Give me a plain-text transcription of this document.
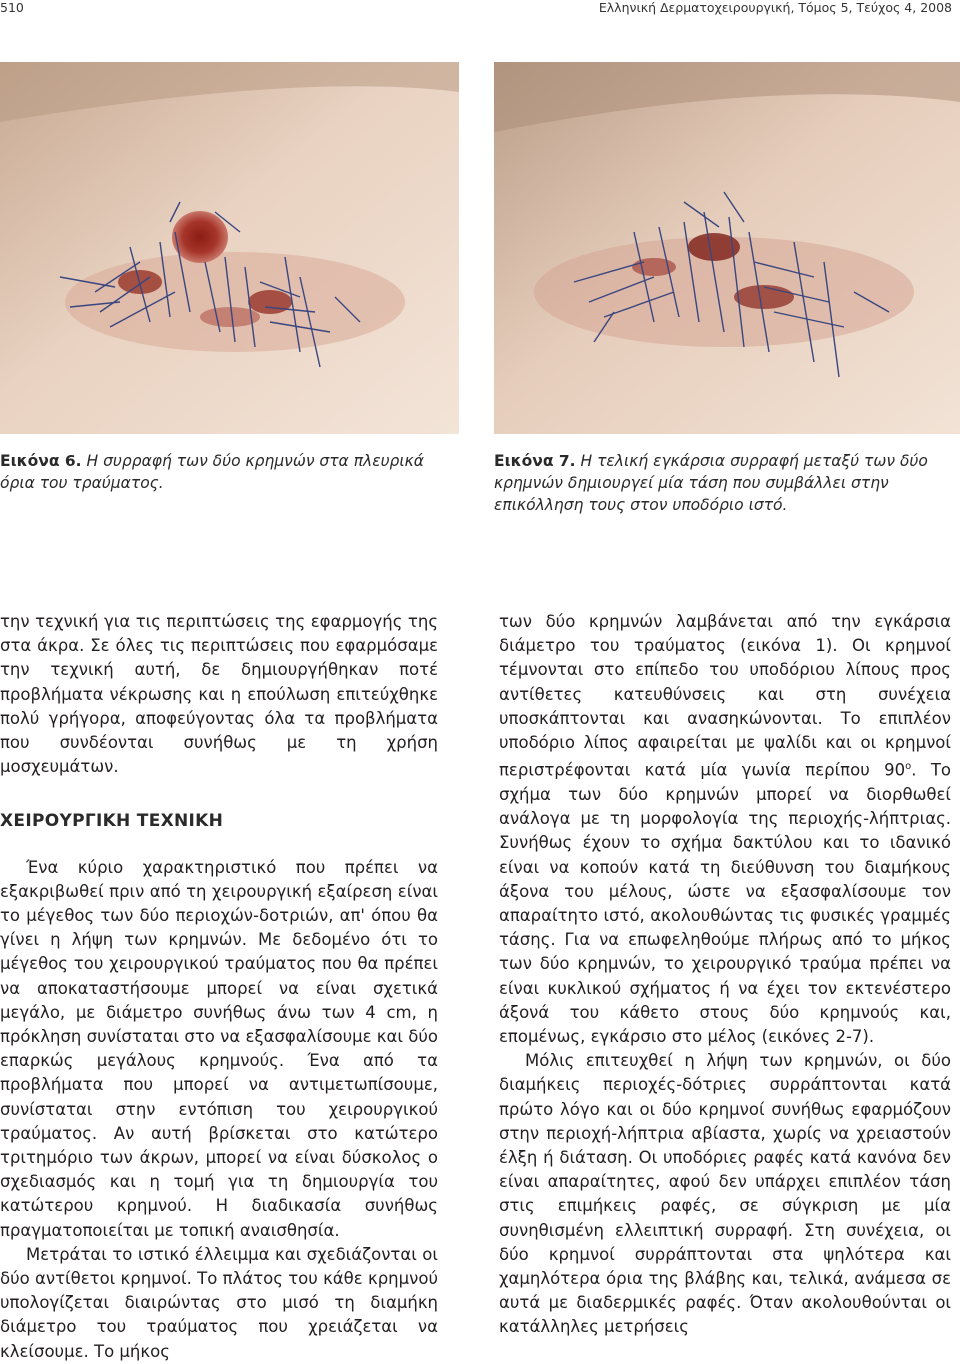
510	Ελληνική Δερματοχειρουργική, Τόμος 5, Τεύχος 4, 2008
Εικόνα 6. Η συρραφή των δύο κρημνών στα πλευρικά όρια του τραύματος.
Εικόνα 7. Η τελική εγκάρσια συρραφή μεταξύ των δύο κρημνών δημιουργεί μία τάση που συμβάλλει στην επικόλληση τους στον υποδόριο ιστό.

την τεχνική για τις περιπτώσεις της εφαρμογής της στα άκρα. Σε όλες τις περιπτώσεις που εφαρμόσαμε την τεχνική αυτή, δε δημιουργήθηκαν ποτέ προβλήματα νέκρωσης και η επούλωση επιτεύχθηκε πολύ γρήγορα, αποφεύγοντας όλα τα προβλήματα που συνδέονται συνήθως με τη χρήση μοσχευμάτων.

ΧΕΙΡΟΥΡΓΙΚΗ ΤΕΧΝΙΚΗ

Ένα κύριο χαρακτηριστικό που πρέπει να εξακριβωθεί πριν από τη χειρουργική εξαίρεση είναι το μέγεθος των δύο περιοχών-δοτριών, απ' όπου θα γίνει η λήψη των κρημνών. Με δεδομένο ότι το μέγεθος του χειρουργικού τραύματος που θα πρέπει να αποκαταστήσουμε μπορεί να είναι σχετικά μεγάλο, με διάμετρο συνήθως άνω των 4 cm, η πρόκληση συνίσταται στο να εξασφαλίσουμε και δύο επαρκώς μεγάλους κρημνούς. Ένα από τα προβλήματα που μπορεί να αντιμετωπίσουμε, συνίσταται στην εντόπιση του χειρουργικού τραύματος. Αν αυτή βρίσκεται στο κατώτερο τριτημόριο των άκρων, μπορεί να είναι δύσκολος ο σχεδιασμός και η τομή για τη δημιουργία του κατώτερου κρημνού. Η διαδικασία συνήθως πραγματοποιείται με τοπική αναισθησία.

Μετράται το ιστικό έλλειμμα και σχεδιάζονται οι δύο αντίθετοι κρημνοί. Το πλάτος του κάθε κρημνού υπολογίζεται διαιρώντας στο μισό τη διαμήκη διάμετρο του τραύματος που χρειάζεται να κλείσουμε. Το μήκος

των δύο κρημνών λαμβάνεται από την εγκάρσια διάμετρο του τραύματος (εικόνα 1). Οι κρημνοί τέμνονται στο επίπεδο του υποδόριου λίπους προς αντίθετες κατευθύνσεις και στη συνέχεια υποσκάπτονται και ανασηκώνονται. Το επιπλέον υποδόριο λίπος αφαιρείται με ψαλίδι και οι κρημνοί περιστρέφονται κατά μία γωνία περίπου $90^o$. Το σχήμα των δύο κρημνών μπορεί να διορθωθεί ανάλογα με τη μορφολογία της περιοχής-λήπτριας. Συνήθως έχουν το σχήμα δακτύλου και το ιδανικό είναι να κοπούν κατά τη διεύθυνση του διαμήκους άξονα του μέλους, ώστε να εξασφαλίσουμε τον απαραίτητο ιστό, ακολουθώντας τις φυσικές γραμμές τάσης. Για να επωφεληθούμε πλήρως από το μήκος των δύο κρημνών, το χειρουργικό τραύμα πρέπει να είναι κυκλικού σχήματος ή να έχει τον εκτενέστερο άξονά του κάθετο στους δύο κρημνούς και, επομένως, εγκάρσιο στο μέλος (εικόνες 2-7).

Μόλις επιτευχθεί η λήψη των κρημνών, οι δύο διαμήκεις περιοχές-δότριες συρράπτονται κατά πρώτο λόγο και οι δύο κρημνοί συνήθως εφαρμόζουν στην περιοχή-λήπτρια αβίαστα, χωρίς να χρειαστούν έλξη ή διάταση. Οι υποδόριες ραφές κατά κανόνα δεν είναι απαραίτητες, αφού δεν υπάρχει επιπλέον τάση στις επιμήκεις ραφές, σε σύγκριση με μία συνηθισμένη ελλειπτική συρραφή. Στη συνέχεια, οι δύο κρημνοί συρράπτονται στα ψηλότερα και χαμηλότερα όρια της βλάβης και, τελικά, ανάμεσα σε αυτά με διαδερμικές ραφές. Όταν ακολουθούνται οι κατάλληλες μετρήσεις
